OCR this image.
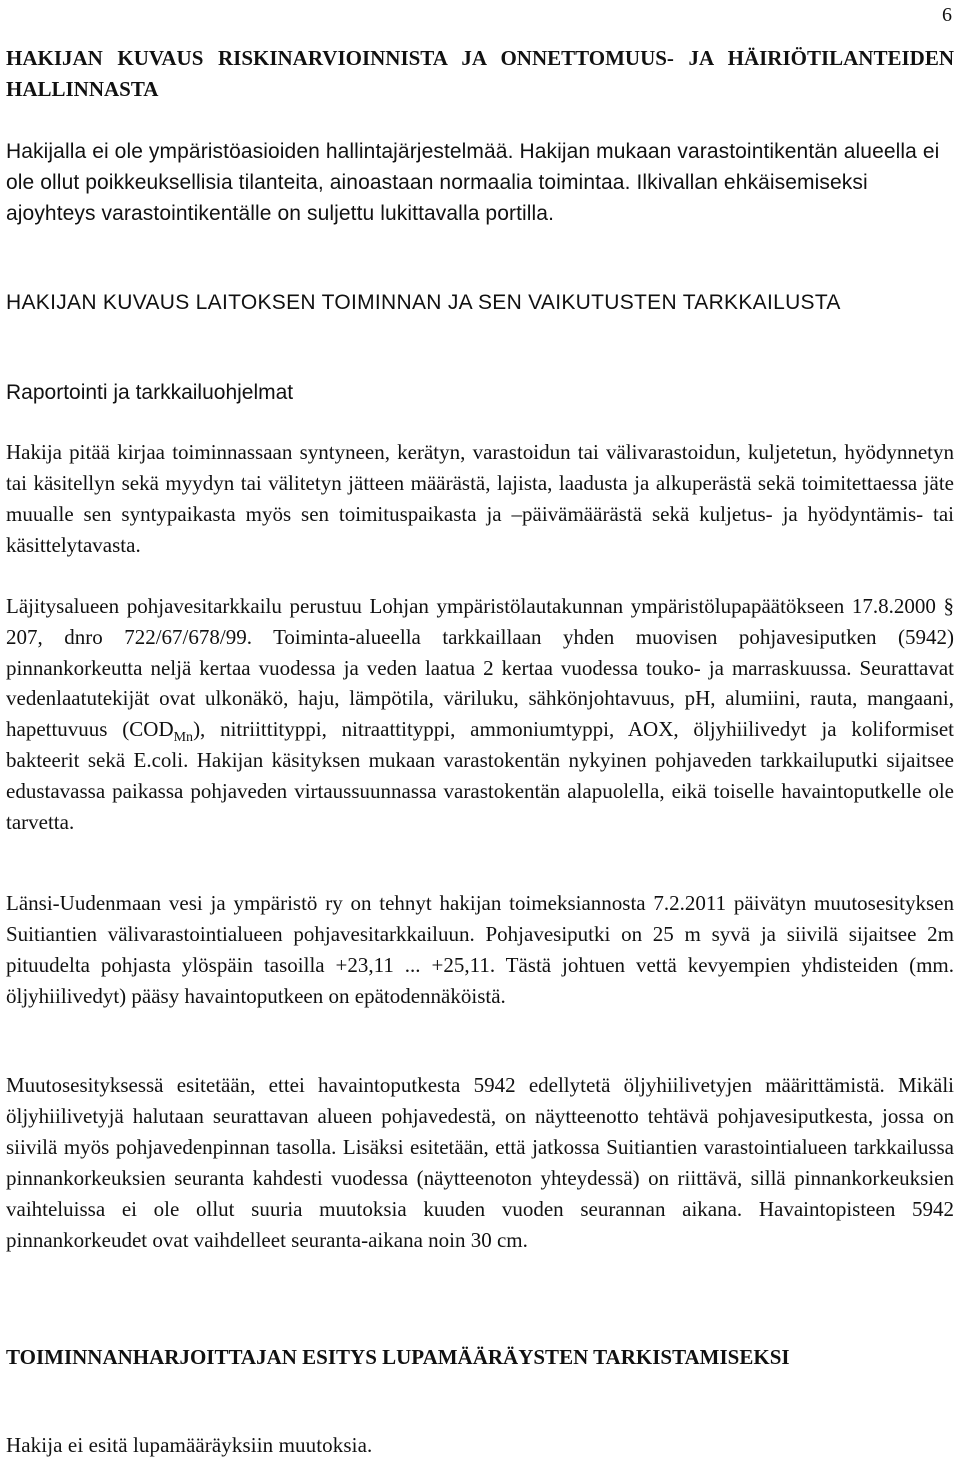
6
HAKIJAN KUVAUS RISKINARVIOINNISTA JA ONNETTOMUUS- JA HÄIRIÖTILANTEIDEN HALLINNASTA

Hakijalla ei ole ympäristöasioiden hallintajärjestelmää. Hakijan mukaan varastointikentän alueella ei ole ollut poikkeuksellisia tilanteita, ainoastaan normaalia toimintaa. Ilkivallan ehkäisemiseksi ajoyhteys varastointikentälle on suljettu lukittavalla portilla.

HAKIJAN KUVAUS LAITOKSEN TOIMINNAN JA SEN VAIKUTUSTEN TARKKAILUSTA
Raportointi ja tarkkailuohjelmat

Hakija pitää kirjaa toiminnassaan syntyneen, kerätyn, varastoidun tai välivarastoidun, kuljetetun, hyödynnetyn tai käsitellyn sekä myydyn tai välitetyn jätteen määrästä, lajista, laadusta ja alkuperästä sekä toimitettaessa jäte muualle sen syntypaikasta myös sen toimituspaikasta ja –päivämäärästä sekä kuljetus- ja hyödyntämis- tai käsittelytavasta.

Läjitysalueen pohjavesitarkkailu perustuu Lohjan ympäristölautakunnan ympäristölupapäätökseen 17.8.2000 § 207, dnro 722/67/678/99. Toiminta-alueella tarkkaillaan yhden muovisen pohjavesiputken (5942) pinnankorkeutta neljä kertaa vuodessa ja veden laatua 2 kertaa vuodessa touko- ja marraskuussa. Seurattavat vedenlaatutekijät ovat ulkonäkö, haju, lämpötila, väriluku, sähkönjohtavuus, pH, alumiini, rauta, mangaani, hapettuvuus $(COD_{Mn})$, nitriittityppi, nitraattityppi, ammoniumtyppi, AOX, öljyhiilivedyt ja koliformiset bakteerit sekä E.coli. Hakijan käsityksen mukaan varastokentän nykyinen pohjaveden tarkkailuputki sijaitsee edustavassa paikassa pohjaveden virtaussuunnassa varastokentän alapuolella, eikä toiselle havaintoputkelle ole tarvetta.

Länsi-Uudenmaan vesi ja ympäristö ry on tehnyt hakijan toimeksiannosta 7.2.2011 päivätyn muutosesityksen Suitiantien välivarastointialueen pohjavesitarkkailuun. Pohjavesiputki on 25 m syvä ja siivilä sijaitsee 2m pituudelta pohjasta ylöspäin tasoilla +23,11 ... +25,11. Tästä johtuen vettä kevyempien yhdisteiden (mm. öljyhiilivedyt) pääsy havaintoputkeen on epätodennäköistä.

Muutosesityksessä esitetään, ettei havaintoputkesta 5942 edellytetä öljyhiilivetyjen määrittämistä. Mikäli öljyhiilivetyjä halutaan seurattavan alueen pohjavedestä, on näytteenotto tehtävä pohjavesiputkesta, jossa on siivilä myös pohjavedenpinnan tasolla. Lisäksi esitetään, että jatkossa Suitiantien varastointialueen tarkkailussa pinnankorkeuksien seuranta kahdesti vuodessa (näytteenoton yhteydessä) on riittävä, sillä pinnankorkeuksien vaihteluissa ei ole ollut suuria muutoksia kuuden vuoden seurannan aikana. Havaintopisteen 5942 pinnankorkeudet ovat vaihdelleet seuranta-aikana noin 30 cm.

TOIMINNANHARJOITTAJAN ESITYS LUPAMÄÄRÄYSTEN TARKISTAMISEKSI

Hakija ei esitä lupamääräyksiin muutoksia.
